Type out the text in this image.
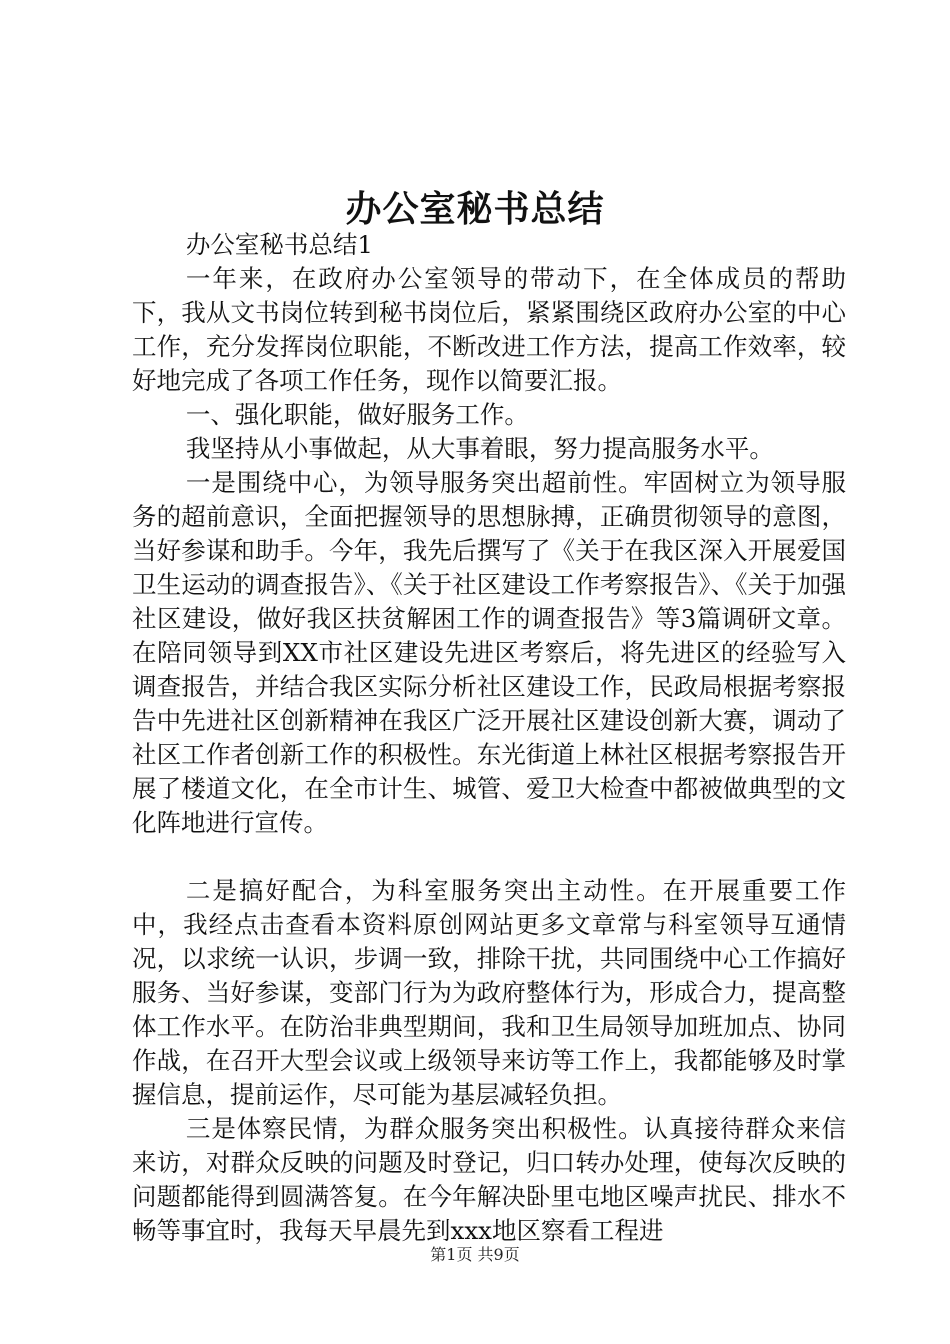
办公室秘书总结

办公室秘书总结1

一年来，在政府办公室领导的带动下，在全体成员的帮助下，我从文书岗位转到秘书岗位后，紧紧围绕区政府办公室的中心工作，充分发挥岗位职能，不断改进工作方法，提高工作效率，较好地完成了各项工作任务，现作以简要汇报。

一、强化职能，做好服务工作。

我坚持从小事做起，从大事着眼，努力提高服务水平。

一是围绕中心，为领导服务突出超前性。牢固树立为领导服务的超前意识，全面把握领导的思想脉搏，正确贯彻领导的意图，当好参谋和助手。今年，我先后撰写了《关于在我区深入开展爱国卫生运动的调查报告》、《关于社区建设工作考察报告》、《关于加强社区建设，做好我区扶贫解困工作的调查报告》等3篇调研文章。在陪同领导到XX市社区建设先进区考察后，将先进区的经验写入调查报告，并结合我区实际分析社区建设工作，民政局根据考察报告中先进社区创新精神在我区广泛开展社区建设创新大赛，调动了社区工作者创新工作的积极性。东光街道上林社区根据考察报告开展了楼道文化，在全市计生、城管、爱卫大检查中都被做典型的文化阵地进行宣传。

二是搞好配合，为科室服务突出主动性。在开展重要工作中，我经点击查看本资料原创网站更多文章常与科室领导互通情况，以求统一认识，步调一致，排除干扰，共同围绕中心工作搞好服务、当好参谋，变部门行为为政府整体行为，形成合力，提高整体工作水平。在防治非典型期间，我和卫生局领导加班加点、协同作战，在召开大型会议或上级领导来访等工作上，我都能够及时掌握信息，提前运作，尽可能为基层减轻负担。

三是体察民情，为群众服务突出积极性。认真接待群众来信来访，对群众反映的问题及时登记，归口转办处理，使每次反映的问题都能得到圆满答复。在今年解决卧里屯地区噪声扰民、排水不畅等事宜时，我每天早晨先到xxx地区察看工程进

第1页 共9页
